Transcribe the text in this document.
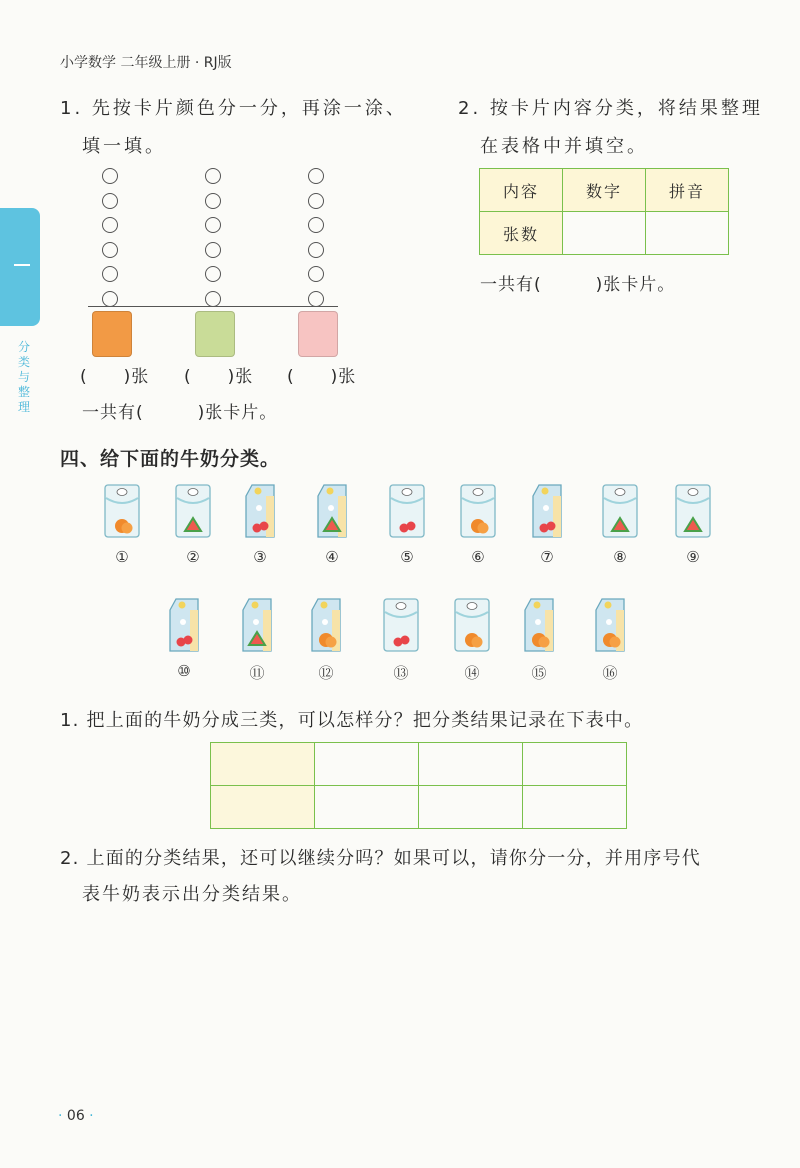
小学数学 二年级上册 · RJ版
分类与整理
1. 先按卡片颜色分一分，再涂一涂、
填一填。
(　　)张 (　　)张 (　　)张
一共有(　　　)张卡片。
2. 按卡片内容分类，将结果整理
在表格中并填空。
内容	数字	拼音
张数		
一共有(　　　)张卡片。
四、给下面的牛奶分类。
①	②	③	④	⑤	⑥	⑦	⑧	⑨
⑩	⑪	⑫	⑬	⑭	⑮	⑯
1. 把上面的牛奶分成三类，可以怎样分？把分类结果记录在下表中。

2. 上面的分类结果，还可以继续分吗？如果可以，请你分一分，并用序号代
表牛奶表示出分类结果。
· 06 ·
